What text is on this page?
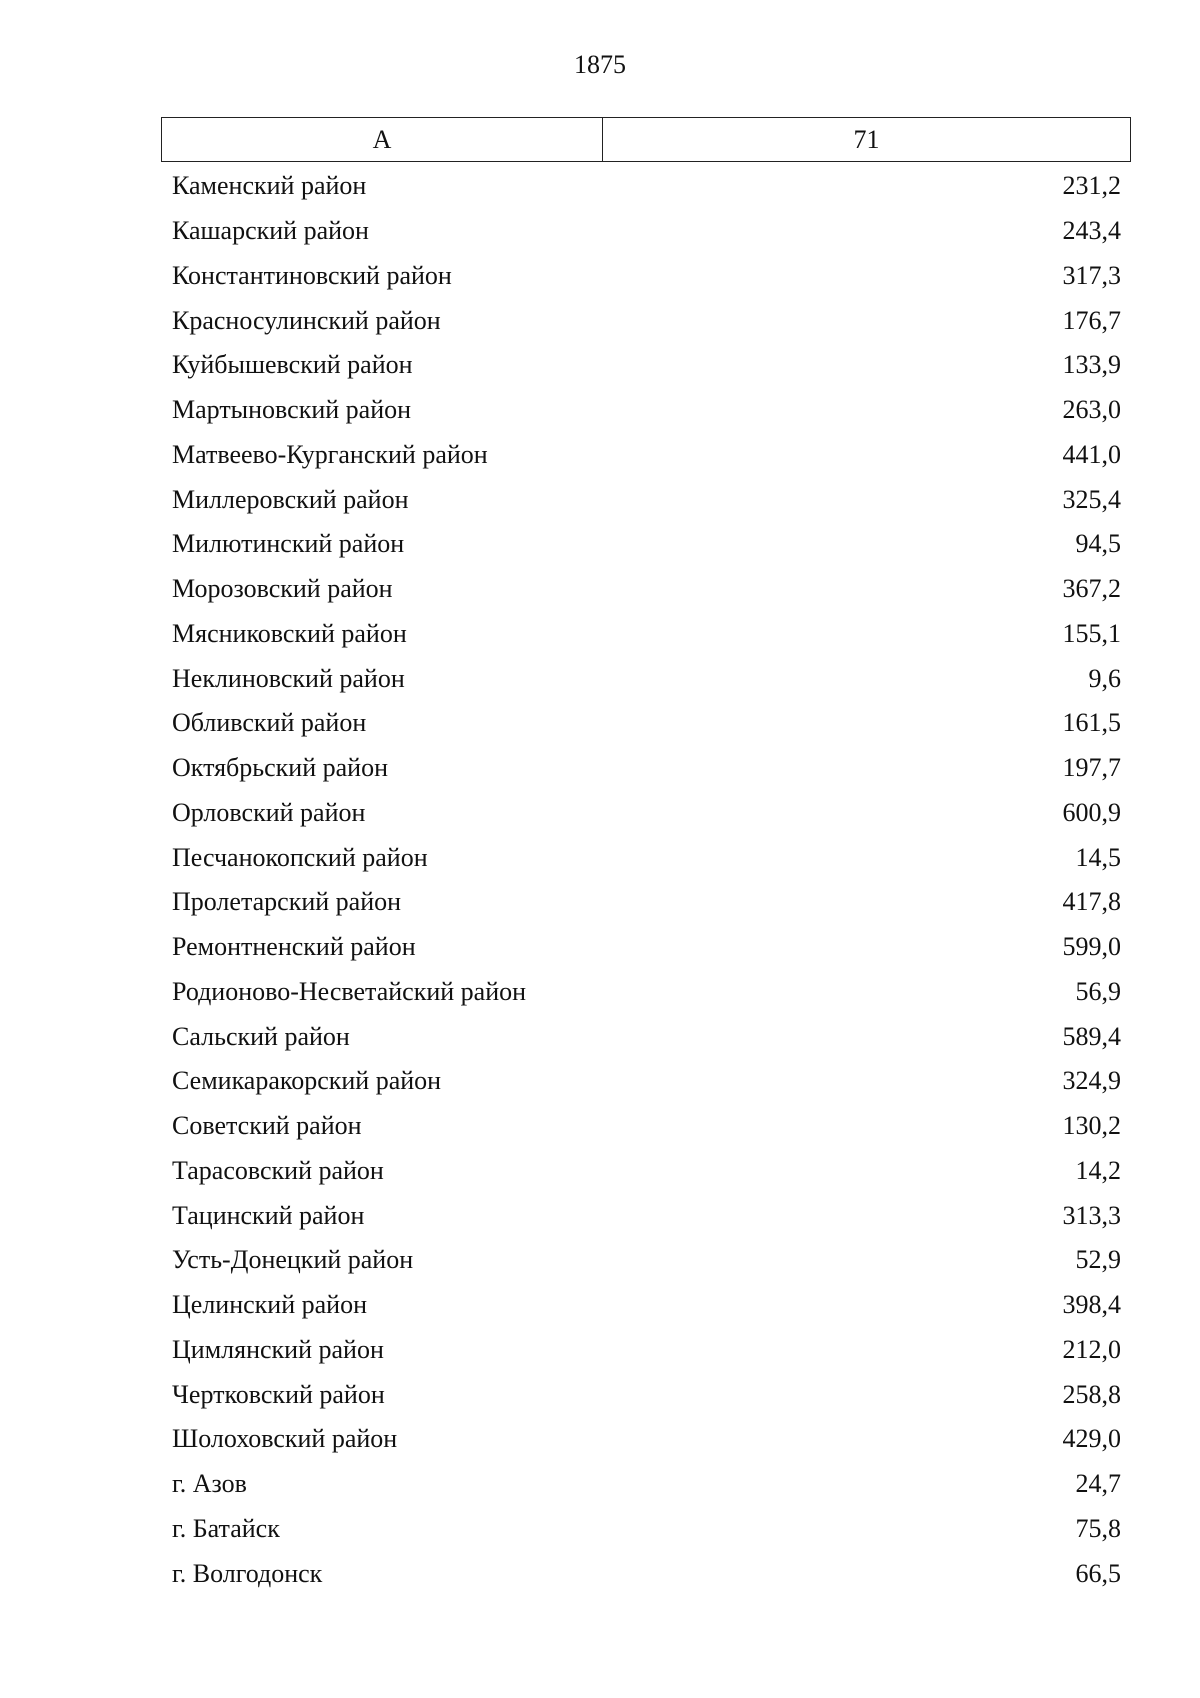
1875
А	71
Каменский район	231,2
Кашарский район	243,4
Константиновский район	317,3
Красносулинский район	176,7
Куйбышевский район	133,9
Мартыновский район	263,0
Матвеево-Курганский район	441,0
Миллеровский район	325,4
Милютинский район	94,5
Морозовский район	367,2
Мясниковский район	155,1
Неклиновский район	9,6
Обливский район	161,5
Октябрьский район	197,7
Орловский район	600,9
Песчанокопский район	14,5
Пролетарский район	417,8
Ремонтненский район	599,0
Родионово-Несветайский район	56,9
Сальский район	589,4
Семикаракорский район	324,9
Советский район	130,2
Тарасовский район	14,2
Тацинский район	313,3
Усть-Донецкий район	52,9
Целинский район	398,4
Цимлянский район	212,0
Чертковский район	258,8
Шолоховский район	429,0
г. Азов	24,7
г. Батайск	75,8
г. Волгодонск	66,5
